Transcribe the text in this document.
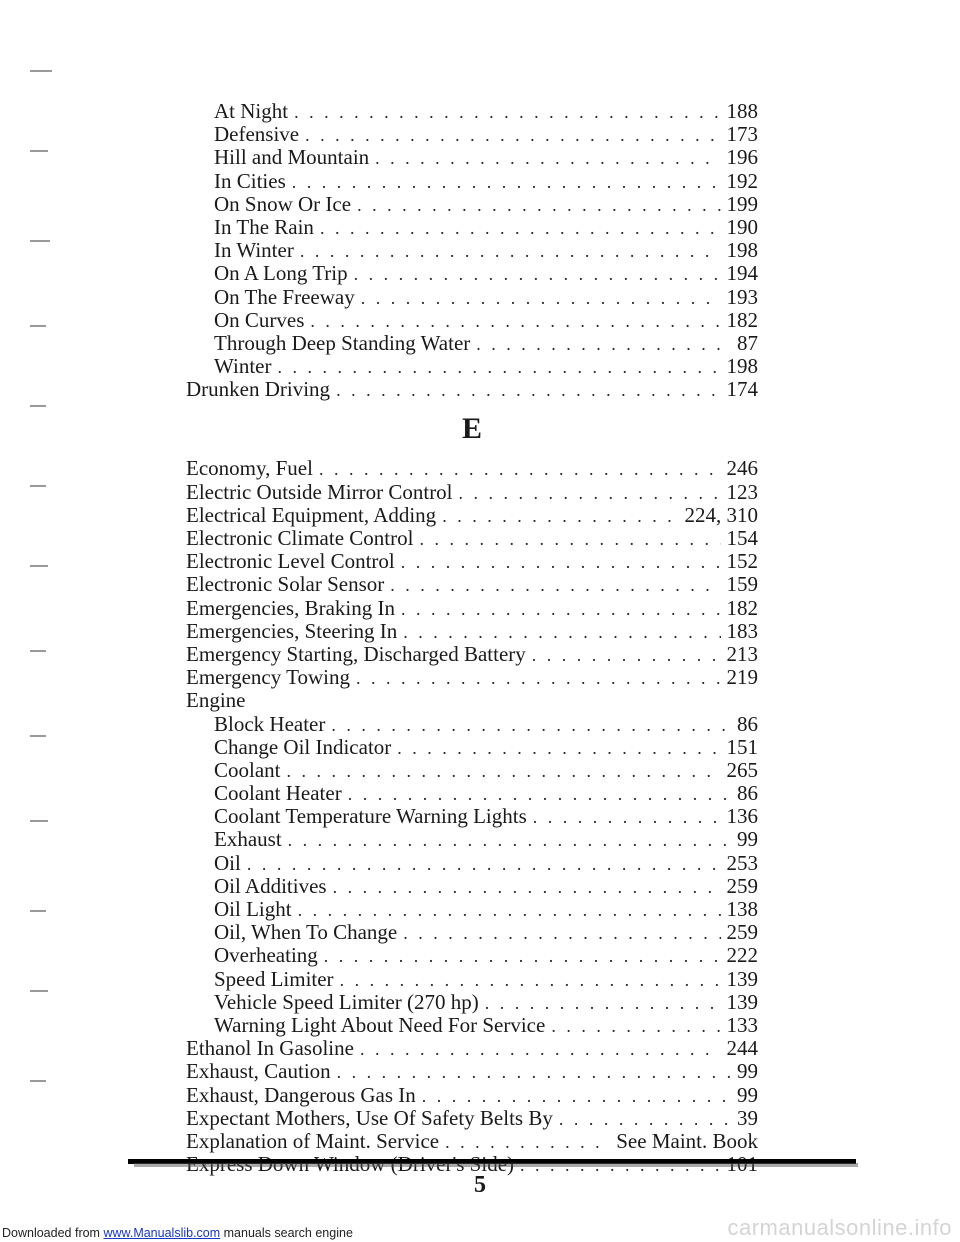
At Night . . .	188
Defensive . . .	173
Hill and Mountain . . .	196
In Cities . . .	192
On Snow Or Ice . . .	199
In The Rain . . .	190
In Winter . . .	198
On A Long Trip . . .	194
On The Freeway . . .	193
On Curves . . .	182
Through Deep Standing Water . . .	87
Winter . . .	198
Drunken Driving . . .	174
E
Economy, Fuel . . .	246
Electric Outside Mirror Control . . .	123
Electrical Equipment, Adding . . .	224, 310
Electronic Climate Control . . .	154
Electronic Level Control . . .	152
Electronic Solar Sensor . . .	159
Emergencies, Braking In . . .	182
Emergencies, Steering In . . .	183
Emergency Starting, Discharged Battery . . .	213
Emergency Towing . . .	219
Engine
Block Heater . . .	86
Change Oil Indicator . . .	151
Coolant . . .	265
Coolant Heater . . .	86
Coolant Temperature Warning Lights . . .	136
Exhaust . . .	99
Oil . . .	253
Oil Additives . . .	259
Oil Light . . .	138
Oil, When To Change . . .	259
Overheating . . .	222
Speed Limiter . . .	139
Vehicle Speed Limiter (270 hp) . . .	139
Warning Light About Need For Service . . .	133
Ethanol In Gasoline . . .	244
Exhaust, Caution . . .	99
Exhaust, Dangerous Gas In . . .	99
Expectant Mothers, Use Of Safety Belts By . . .	39
Explanation of Maint. Service . . .	See Maint. Book
. . .
5
Downloaded from www.Manualslib.com manuals search engine	carmanualsonline.info
